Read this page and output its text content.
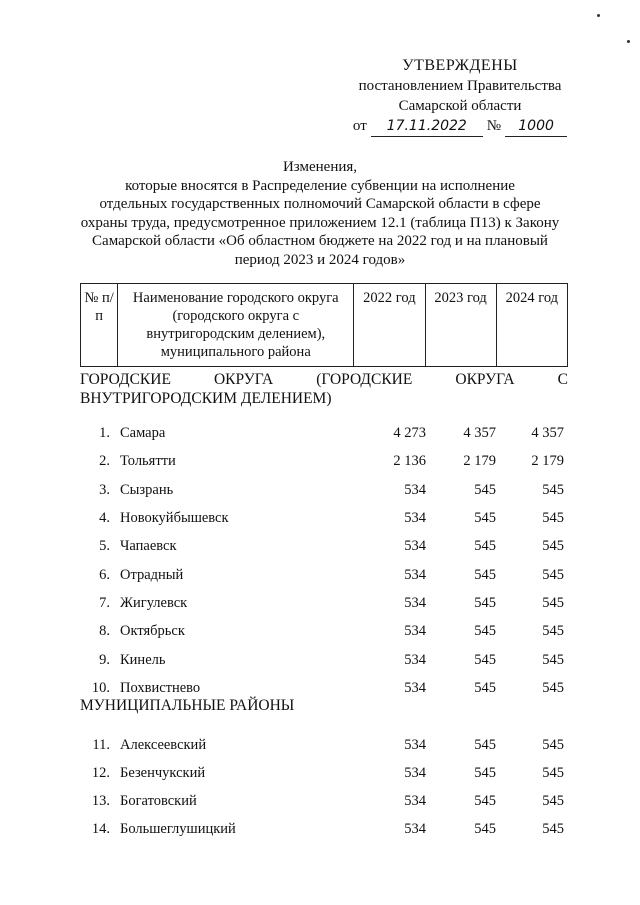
УТВЕРЖДЕНЫ
постановлением Правительства
Самарской области
от	17.11.2022	№	1000
Изменения,
которые вносятся в Распределение субвенции на исполнение
отдельных государственных полномочий Самарской области в сфере
охраны труда, предусмотренное приложением 12.1 (таблица П13) к Закону
Самарской области «Об областном бюджете на 2022 год и на плановый
период 2023 и 2024 годов»
№ п/п	Наименование городского округа (городского округа с внутригородским делением), муниципального района	2022 год	2023 год	2024 год
ГОРОДСКИЕ ОКРУГА (ГОРОДСКИЕ ОКРУГА С
ВНУТРИГОРОДСКИМ ДЕЛЕНИЕМ)
МУНИЦИПАЛЬНЫЕ РАЙОНЫ
1. Самара	4 273	4 357	4 357
2. Тольятти	2 136	2 179	2 179
3. Сызрань	534	545	545
4. Новокуйбышевск	534	545	545
5. Чапаевск	534	545	545
6. Отрадный	534	545	545
7. Жигулевск	534	545	545
8. Октябрьск	534	545	545
9. Кинель	534	545	545
10. Похвистнево	534	545	545
11. Алексеевский	534	545	545
12. Безенчукский	534	545	545
13. Богатовский	534	545	545
14. Большеглушицкий	534	545	545
